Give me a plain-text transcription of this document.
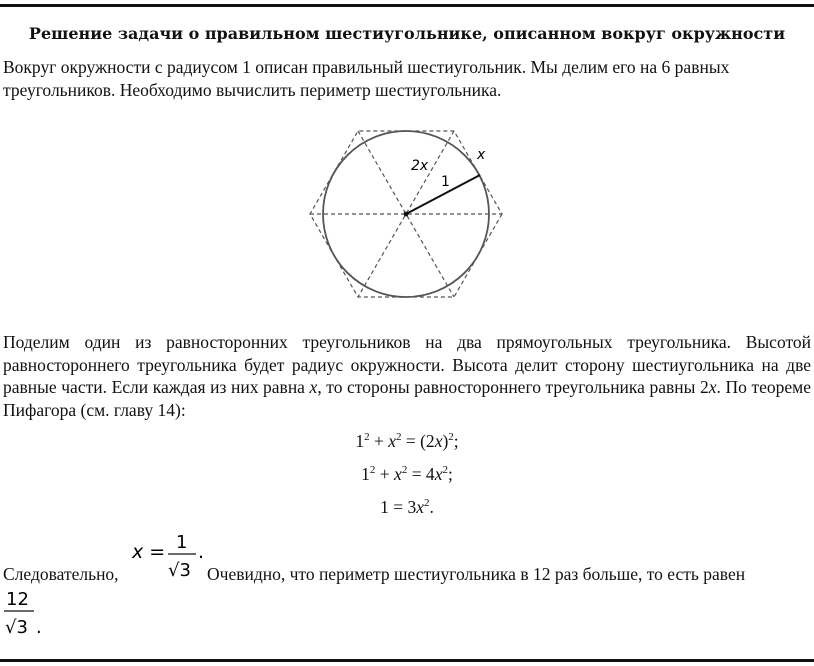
Решение задачи о правильном шестиугольнике, описанном вокруг окружности
Вокруг окружности с радиусом 1 описан правильный шестиугольник. Мы делим его на 6 равных треугольников. Необходимо вычислить периметр шестиугольника.
2x
x
1
Поделим один из равносторонних треугольников на два прямоугольных треугольника. Высотой равностороннего треугольника будет радиус окружности. Высота делит сторону шестиугольника на две равные части. Если каждая из них равна x, то стороны равностороннего треугольника равны 2x. По теореме Пифагора (см. главу 14):
$1^2 + x^2 = (2x)^2$;
$1^2 + x^2 = 4x^2$;
$1 = 3x^2$.
Следовательно,
x = 1
√3
.
Очевидно, что периметр шестиугольника в 12 раз больше, то есть равен
12
√3 .
